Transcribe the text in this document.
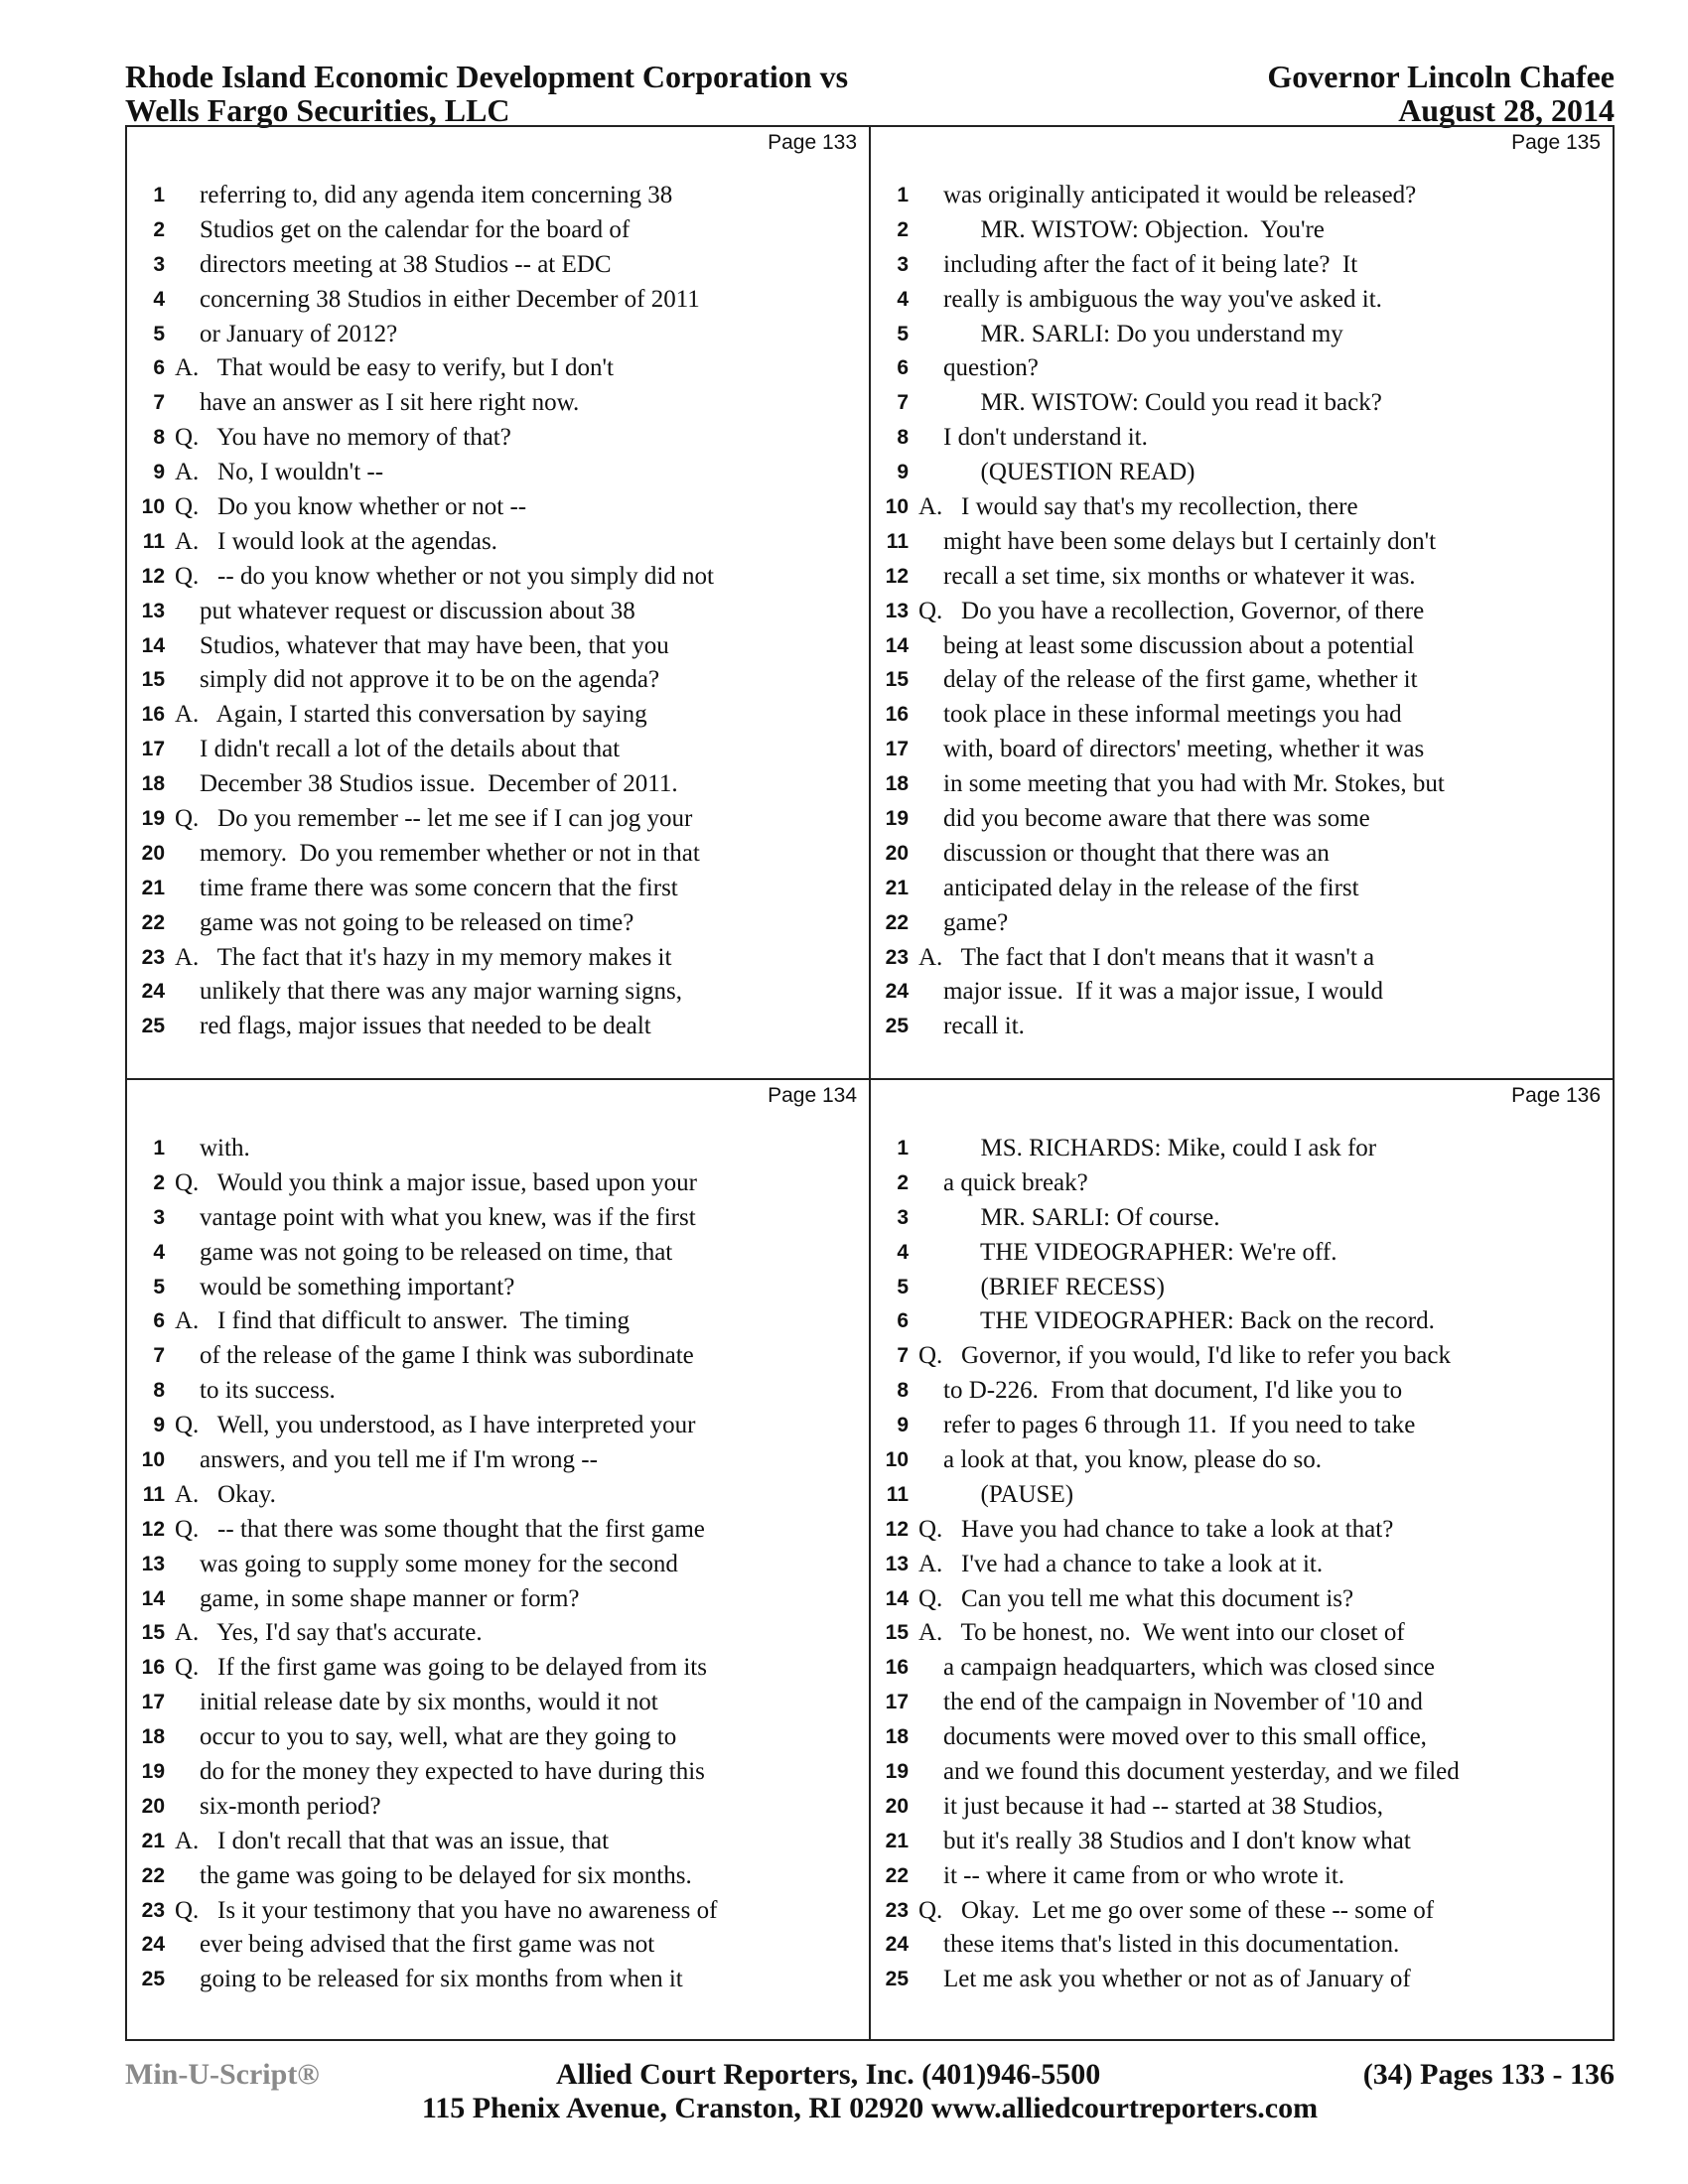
Rhode Island Economic Development Corporation vs
Wells Fargo Securities, LLC
Governor Lincoln Chafee
August 28, 2014
Page 133
1 referring to, did any agenda item concerning 38
2 Studios get on the calendar for the board of
3 directors meeting at 38 Studios -- at EDC
4 concerning 38 Studios in either December of 2011
5 or January of 2012?
6 A.   That would be easy to verify, but I don't
7 have an answer as I sit here right now.
8 Q.   You have no memory of that?
9 A.   No, I wouldn't --
10 Q.   Do you know whether or not --
11 A.   I would look at the agendas.
12 Q.   -- do you know whether or not you simply did not
13 put whatever request or discussion about 38
14 Studios, whatever that may have been, that you
15 simply did not approve it to be on the agenda?
16 A.   Again, I started this conversation by saying
17 I didn't recall a lot of the details about that
18 December 38 Studios issue.  December of 2011.
19 Q.   Do you remember -- let me see if I can jog your
20 memory.  Do you remember whether or not in that
21 time frame there was some concern that the first
22 game was not going to be released on time?
23 A.   The fact that it's hazy in my memory makes it
24 unlikely that there was any major warning signs,
25 red flags, major issues that needed to be dealt
Page 135
1 was originally anticipated it would be released?
2 MR. WISTOW: Objection.  You're
3 including after the fact of it being late?  It
4 really is ambiguous the way you've asked it.
5 MR. SARLI: Do you understand my
6 question?
7 MR. WISTOW: Could you read it back?
8 I don't understand it.
9 (QUESTION READ)
10 A.   I would say that's my recollection, there
11 might have been some delays but I certainly don't
12 recall a set time, six months or whatever it was.
13 Q.   Do you have a recollection, Governor, of there
14 being at least some discussion about a potential
15 delay of the release of the first game, whether it
16 took place in these informal meetings you had
17 with, board of directors' meeting, whether it was
18 in some meeting that you had with Mr. Stokes, but
19 did you become aware that there was some
20 discussion or thought that there was an
21 anticipated delay in the release of the first
22 game?
23 A.   The fact that I don't means that it wasn't a
24 major issue.  If it was a major issue, I would
25 recall it.
Page 134
1 with.
2 Q.   Would you think a major issue, based upon your
3 vantage point with what you knew, was if the first
4 game was not going to be released on time, that
5 would be something important?
6 A.   I find that difficult to answer.  The timing
7 of the release of the game I think was subordinate
8 to its success.
9 Q.   Well, you understood, as I have interpreted your
10 answers, and you tell me if I'm wrong --
11 A.   Okay.
12 Q.   -- that there was some thought that the first game
13 was going to supply some money for the second
14 game, in some shape manner or form?
15 A.   Yes, I'd say that's accurate.
16 Q.   If the first game was going to be delayed from its
17 initial release date by six months, would it not
18 occur to you to say, well, what are they going to
19 do for the money they expected to have during this
20 six-month period?
21 A.   I don't recall that that was an issue, that
22 the game was going to be delayed for six months.
23 Q.   Is it your testimony that you have no awareness of
24 ever being advised that the first game was not
25 going to be released for six months from when it
Page 136
1 MS. RICHARDS: Mike, could I ask for
2 a quick break?
3 MR. SARLI: Of course.
4 THE VIDEOGRAPHER: We're off.
5 (BRIEF RECESS)
6 THE VIDEOGRAPHER: Back on the record.
7 Q.   Governor, if you would, I'd like to refer you back
8 to D-226.  From that document, I'd like you to
9 refer to pages 6 through 11.  If you need to take
10 a look at that, you know, please do so.
11 (PAUSE)
12 Q.   Have you had chance to take a look at that?
13 A.   I've had a chance to take a look at it.
14 Q.   Can you tell me what this document is?
15 A.   To be honest, no.  We went into our closet of
16 a campaign headquarters, which was closed since
17 the end of the campaign in November of '10 and
18 documents were moved over to this small office,
19 and we found this document yesterday, and we filed
20 it just because it had -- started at 38 Studios,
21 but it's really 38 Studios and I don't know what
22 it -- where it came from or who wrote it.
23 Q.   Okay.  Let me go over some of these -- some of
24 these items that's listed in this documentation.
25 Let me ask you whether or not as of January of
Min-U-Script®	Allied Court Reporters, Inc. (401)946-5500	(34) Pages 133 - 136
115 Phenix Avenue, Cranston, RI 02920 www.alliedcourtreporters.com
